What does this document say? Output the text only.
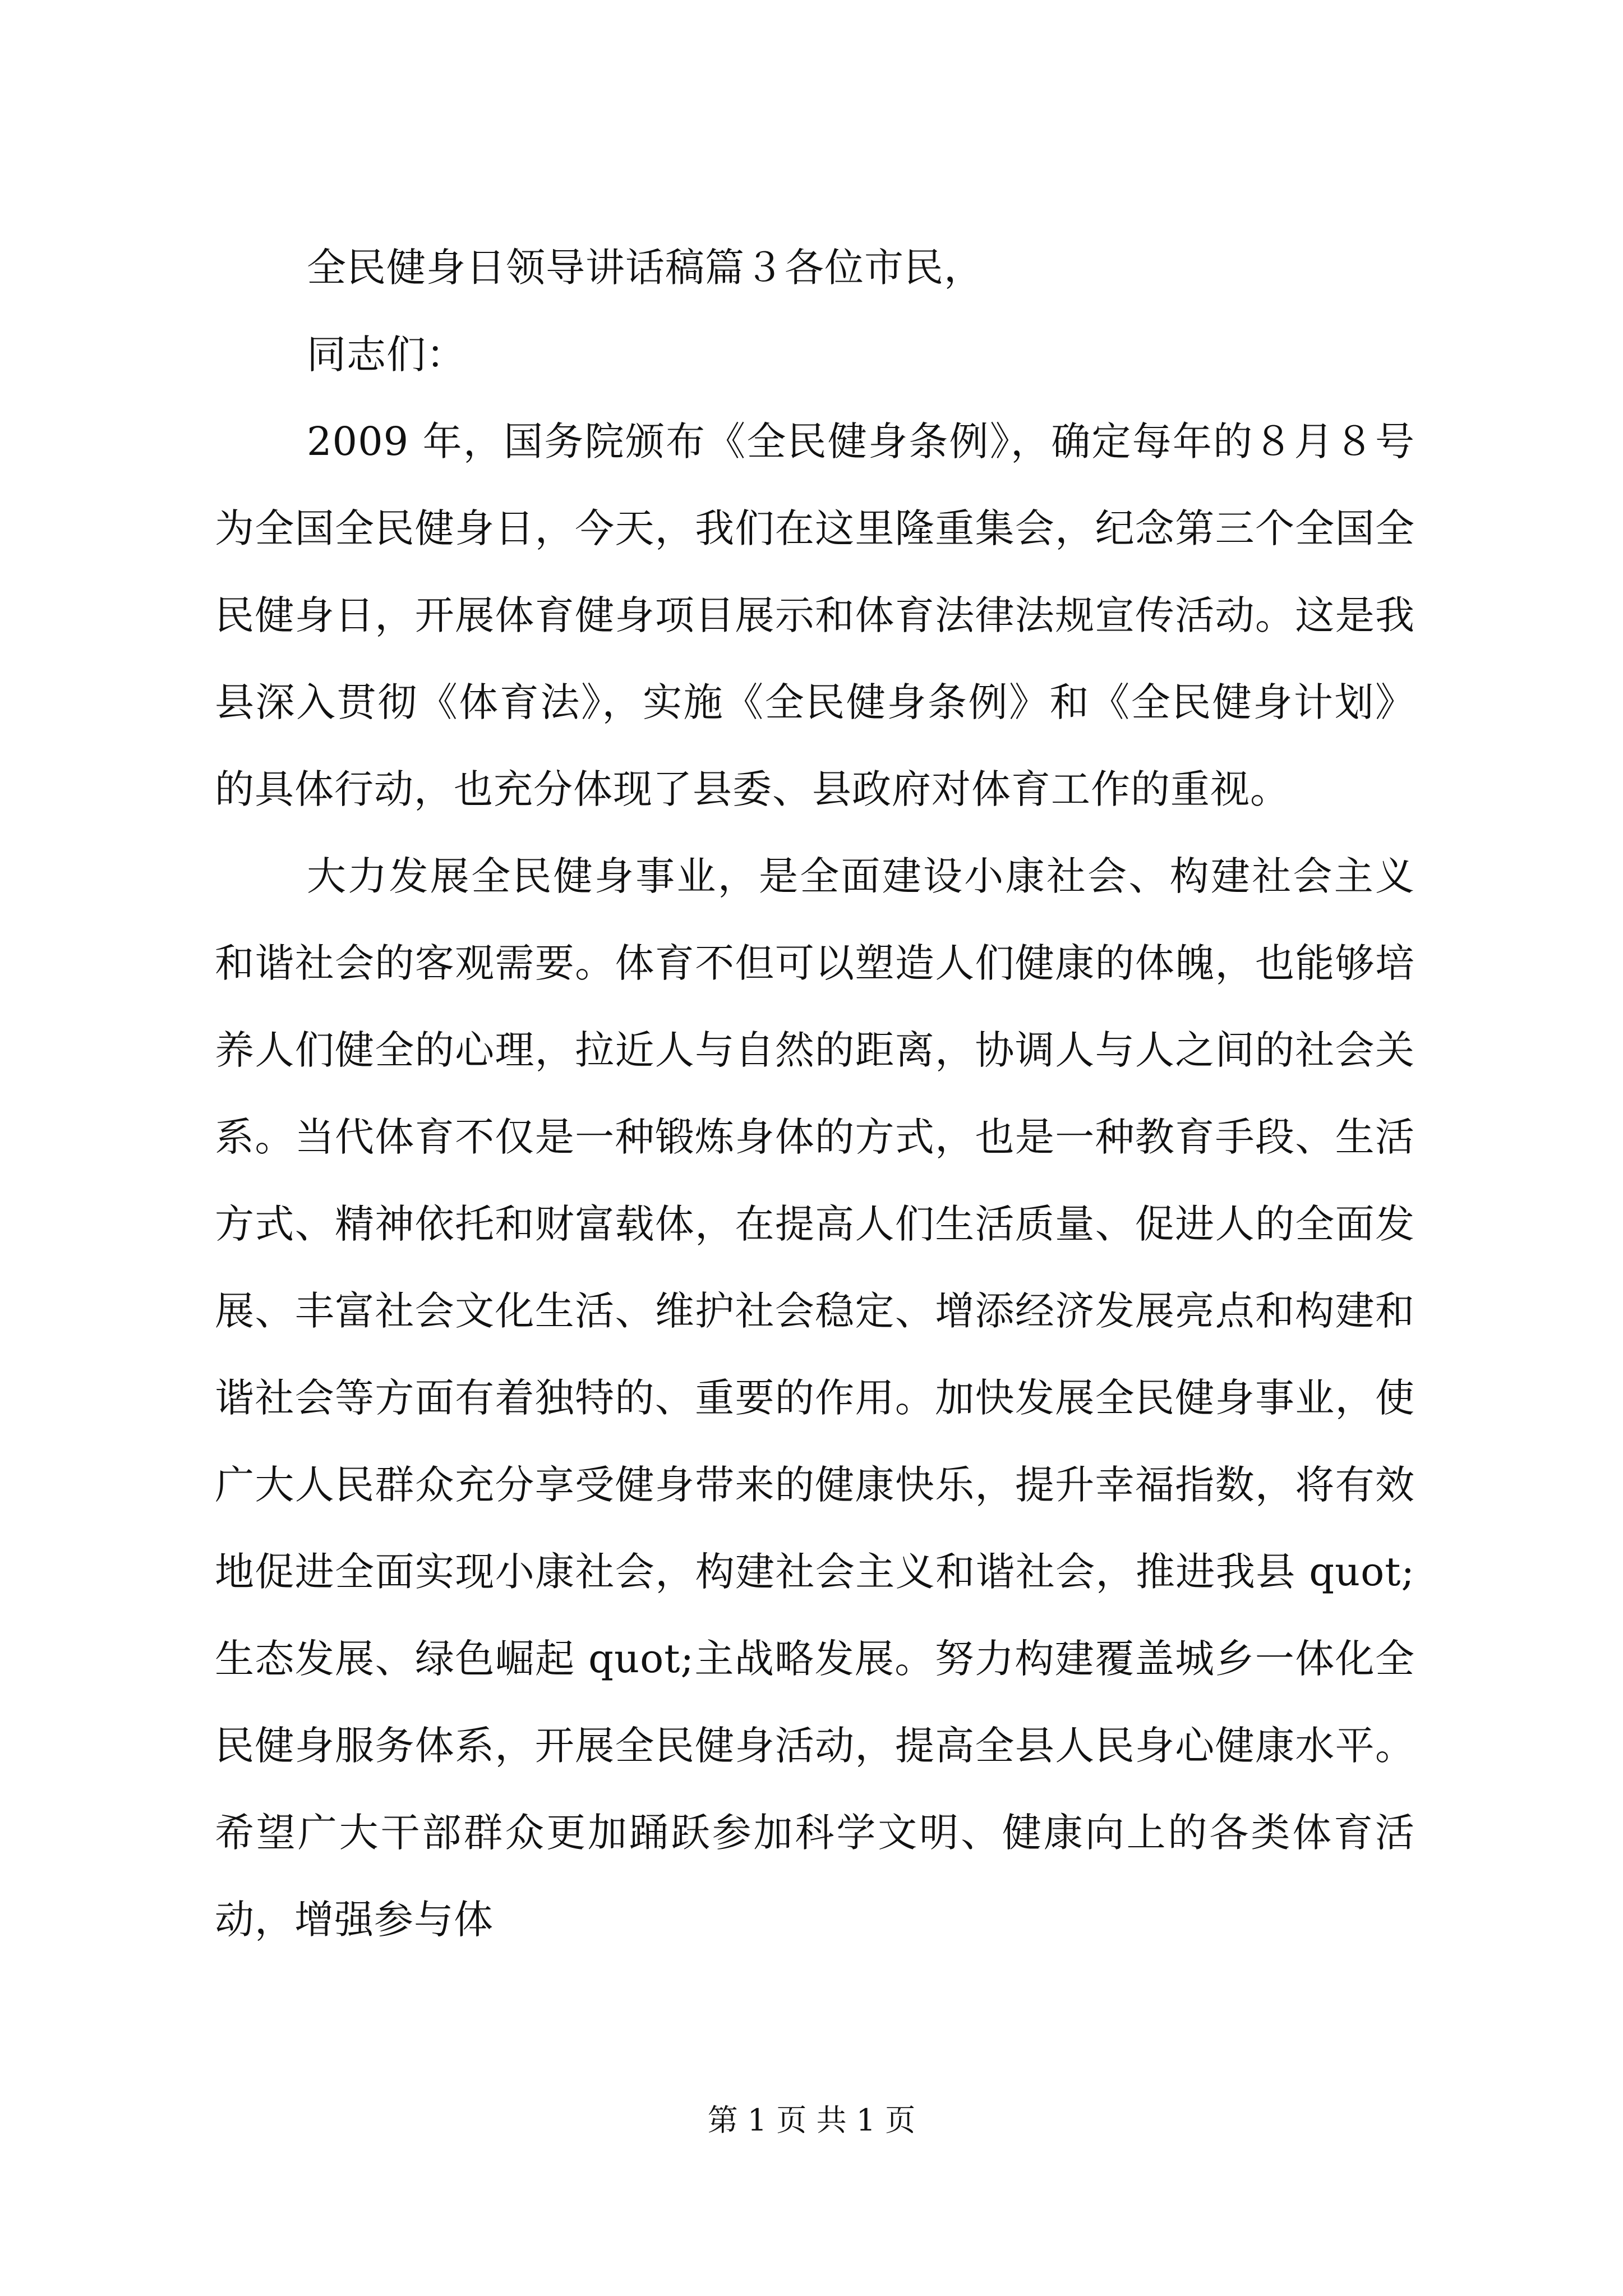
全民健身日领导讲话稿篇３各位市民，

同志们：

2009 年，国务院颁布《全民健身条例》，确定每年的８月８号为全国全民健身日，今天，我们在这里隆重集会，纪念第三个全国全民健身日，开展体育健身项目展示和体育法律法规宣传活动。这是我县深入贯彻《体育法》，实施《全民健身条例》和《全民健身计划》的具体行动，也充分体现了县委、县政府对体育工作的重视。

大力发展全民健身事业，是全面建设小康社会、构建社会主义和谐社会的客观需要。体育不但可以塑造人们健康的体魄，也能够培养人们健全的心理，拉近人与自然的距离，协调人与人之间的社会关系。当代体育不仅是一种锻炼身体的方式，也是一种教育手段、生活方式、精神依托和财富载体，在提高人们生活质量、促进人的全面发展、丰富社会文化生活、维护社会稳定、增添经济发展亮点和构建和谐社会等方面有着独特的、重要的作用。加快发展全民健身事业，使广大人民群众充分享受健身带来的健康快乐，提升幸福指数，将有效地促进全面实现小康社会，构建社会主义和谐社会，推进我县 quot;生态发展、绿色崛起 quot;主战略发展。努力构建覆盖城乡一体化全民健身服务体系，开展全民健身活动，提高全县人民身心健康水平。希望广大干部群众更加踊跃参加科学文明、健康向上的各类体育活动，增强参与体

第 1 页 共 1 页
